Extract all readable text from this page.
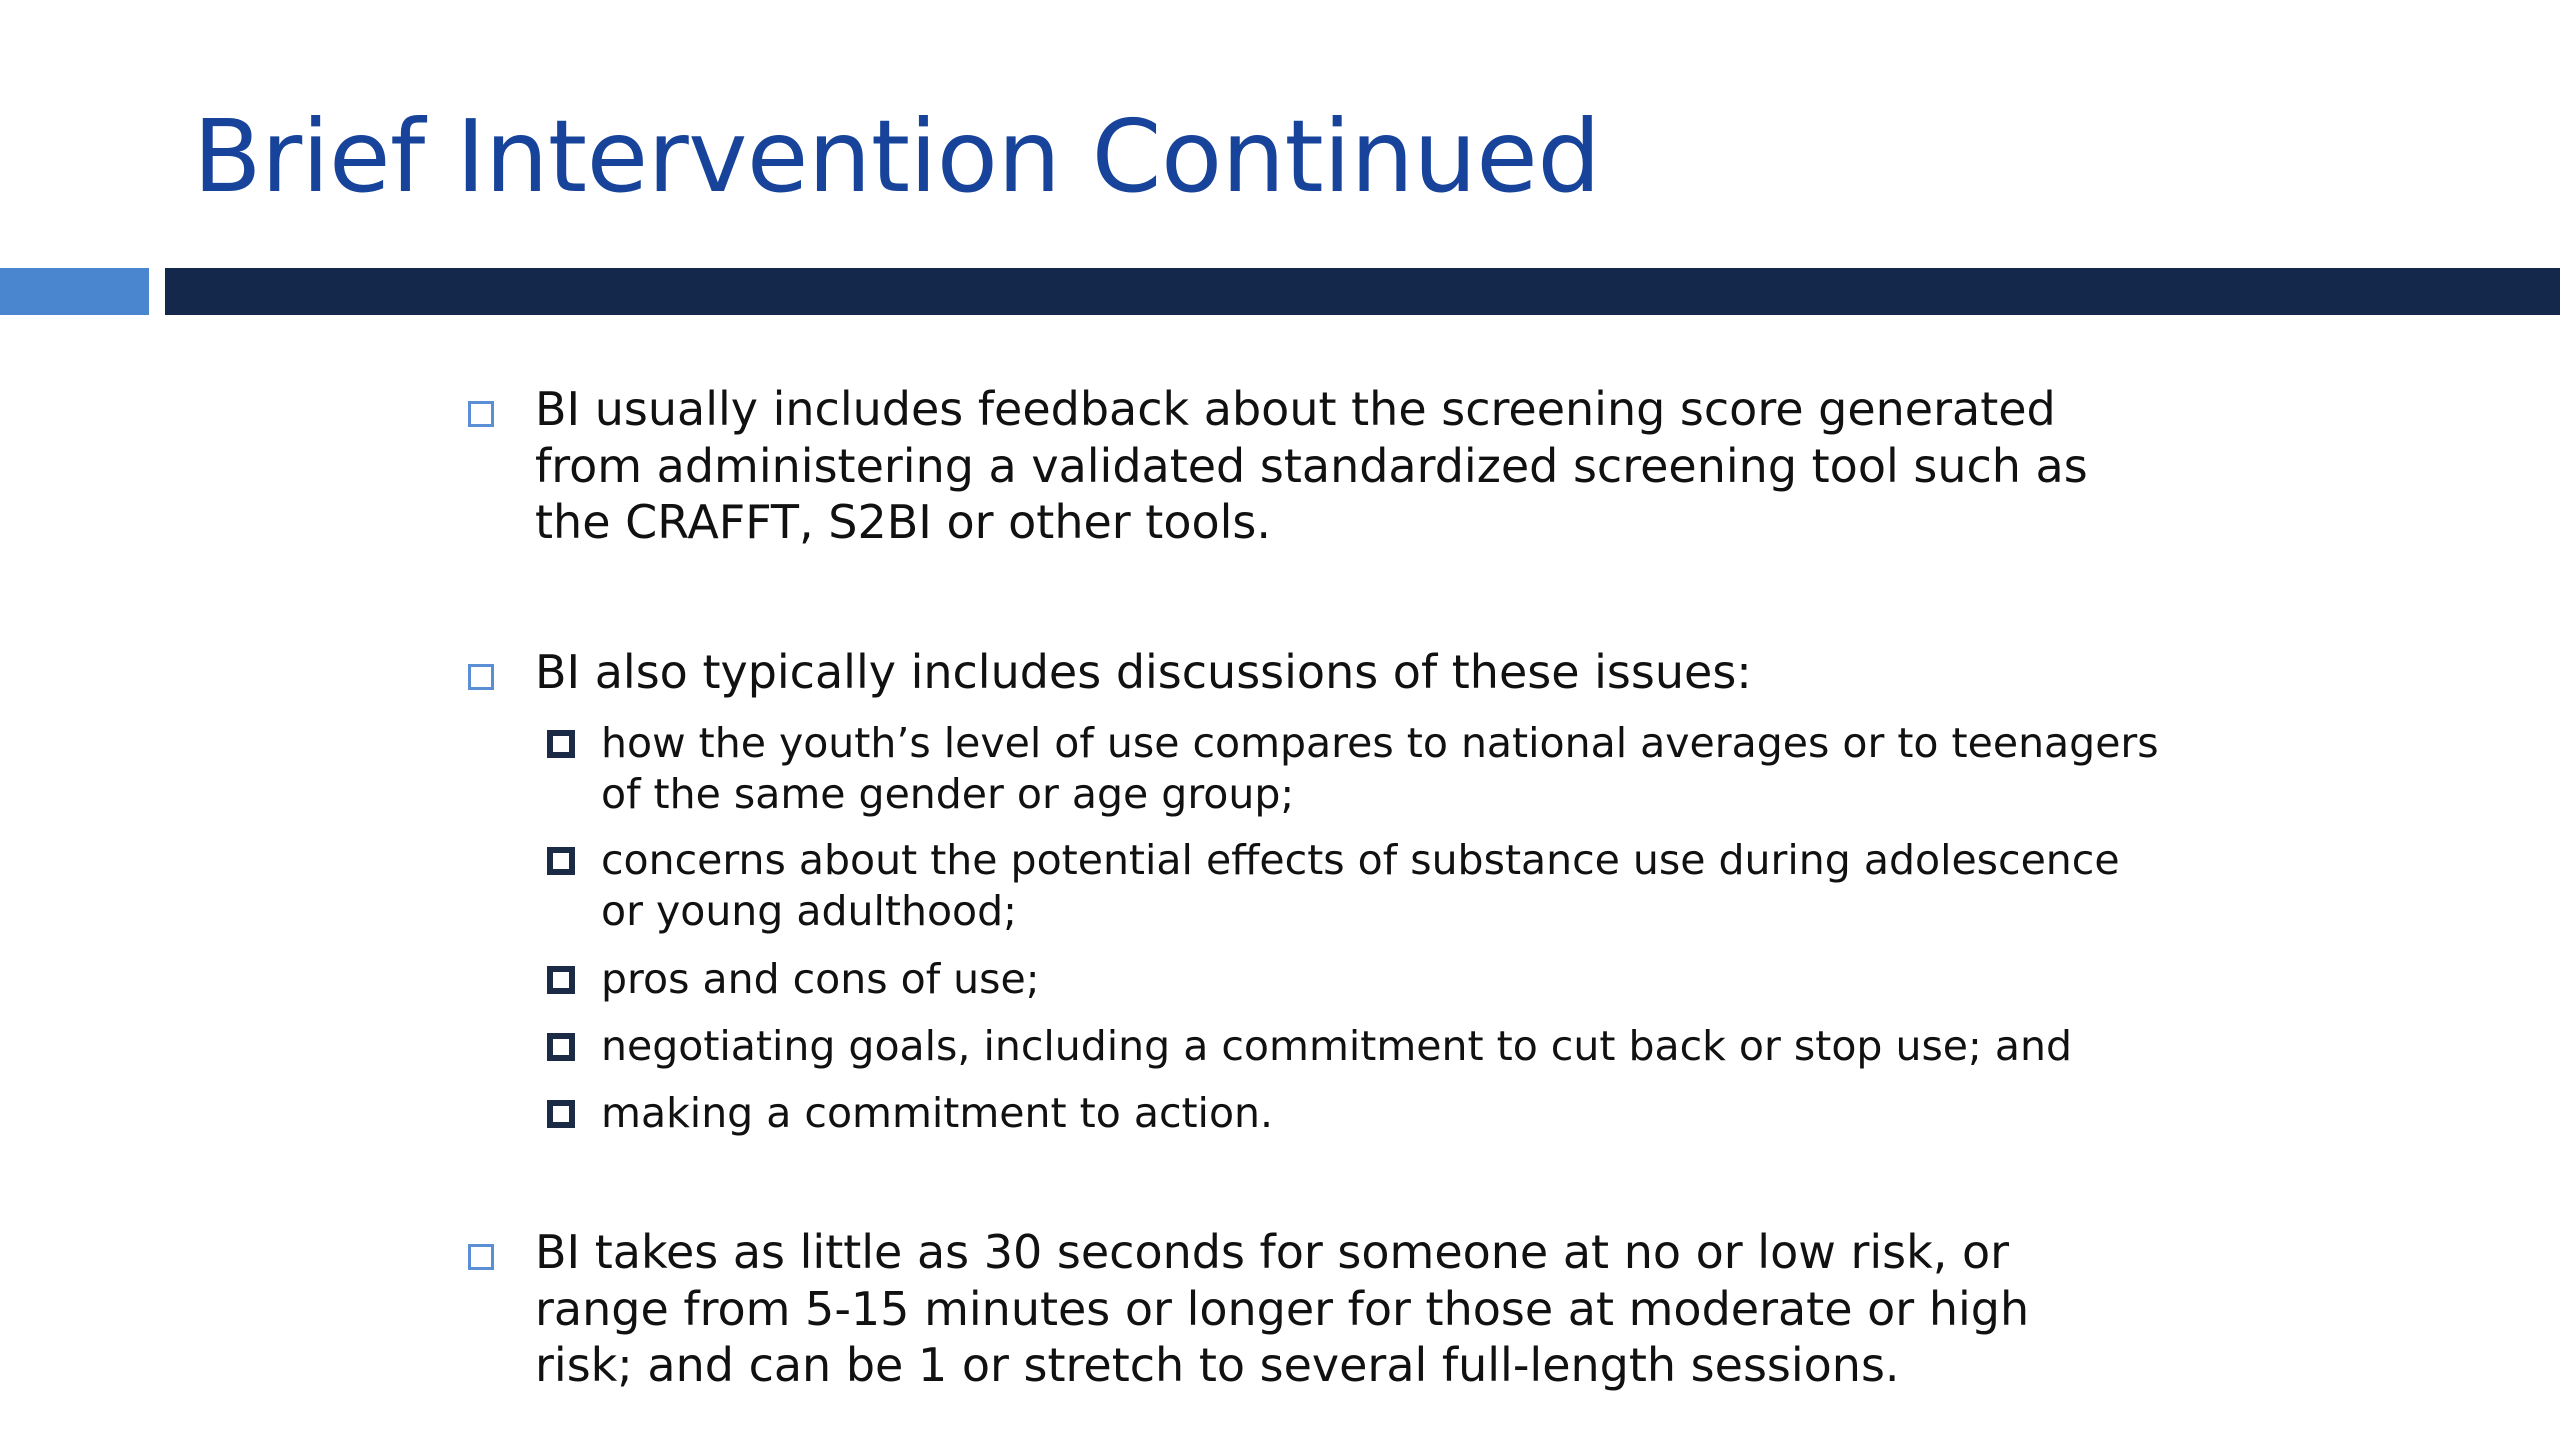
Brief Intervention Continued
BI usually includes feedback about the screening score generated from administering a validated standardized screening tool such as the CRAFFT, S2BI or other tools.
BI also typically includes discussions of these issues:
how the youth’s level of use compares to national averages or to teenagers of the same gender or age group;
concerns about the potential effects of substance use during adolescence or young adulthood;
pros and cons of use;
negotiating goals, including a commitment to cut back or stop use; and
making a commitment to action.
BI takes as little as 30 seconds for someone at no or low risk, or range from 5-15 minutes or longer for those at moderate or high risk; and can be 1 or stretch to several full-length sessions.
